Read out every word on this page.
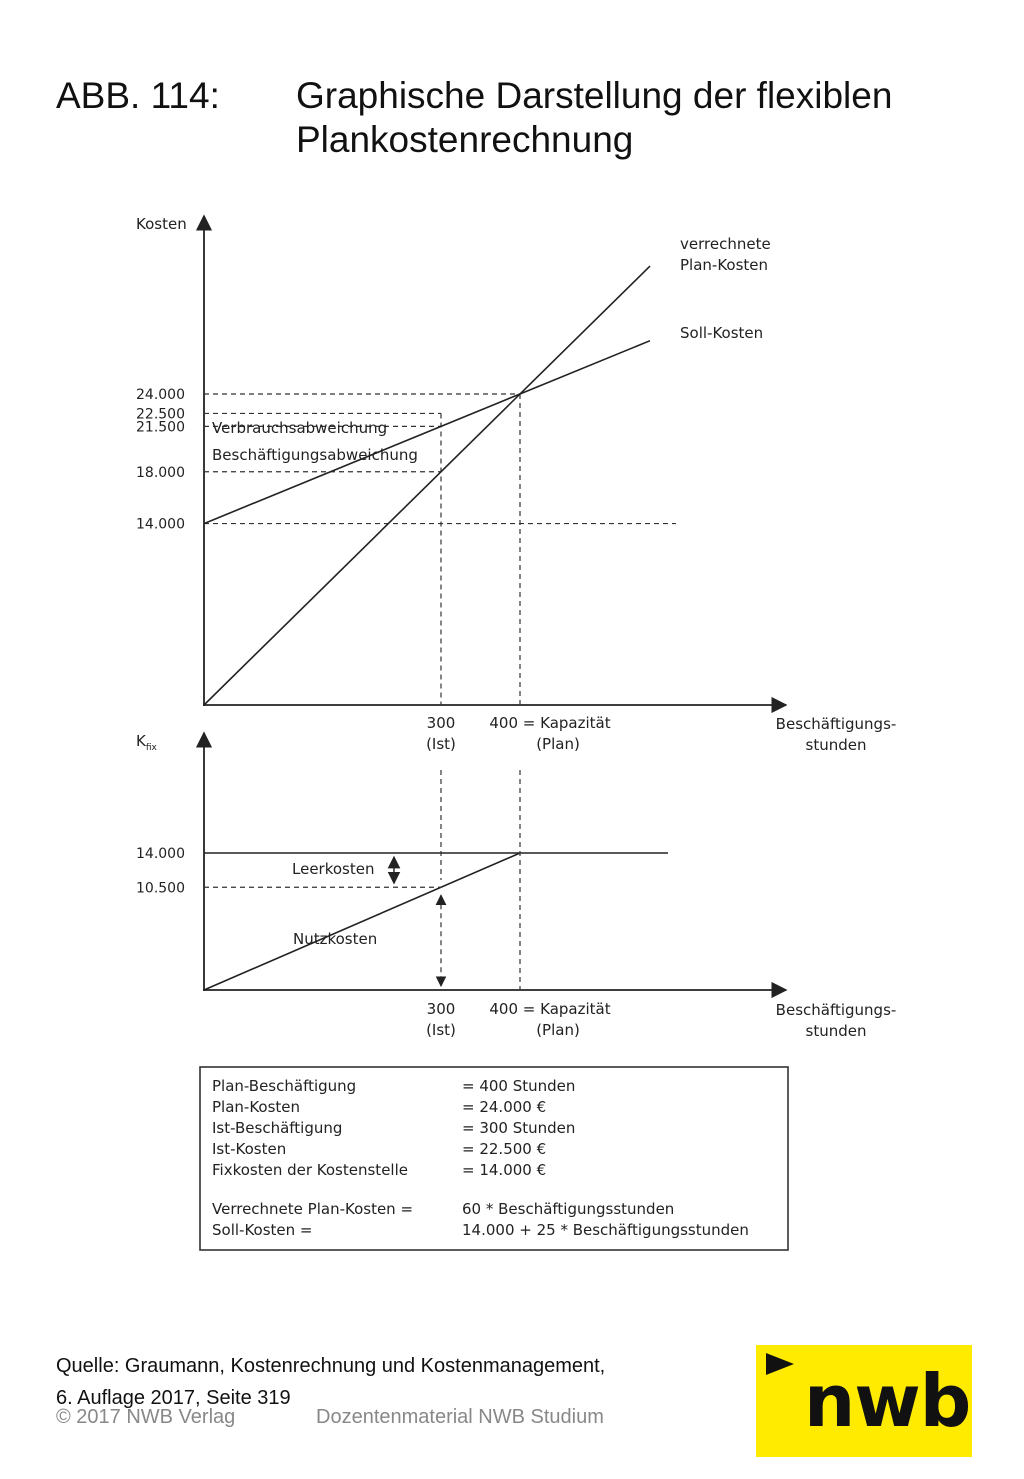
ABB. 114: Graphische Darstellung der flexiblen Plankostenrechnung
Kosten
Beschäftigungs-
stunden
24.000
22.500
21.500
18.000
14.000
verrechnete
Plan-Kosten
Soll-Kosten
Verbrauchsabweichung
Beschäftigungsabweichung
300
(Ist)
400 = Kapazität
(Plan)
$K_{fix}$
Beschäftigungs-
stunden
14.000
10.500
Leerkosten
Nutzkosten
300
(Ist)
400 = Kapazität
(Plan)
Plan-Beschäftigung	= 400 Stunden
Plan-Kosten	= 24.000 €
Ist-Beschäftigung	= 300 Stunden
Ist-Kosten	= 22.500 €
Fixkosten der Kostenstelle	= 14.000 €
Verrechnete Plan-Kosten =	60 * Beschäftigungsstunden
Soll-Kosten =	14.000 + 25 * Beschäftigungsstunden
Quelle: Graumann, Kostenrechnung und Kostenmanagement,
6. Auflage 2017, Seite 319
© 2017 NWB Verlag	Dozentenmaterial NWB Studium	nwb
